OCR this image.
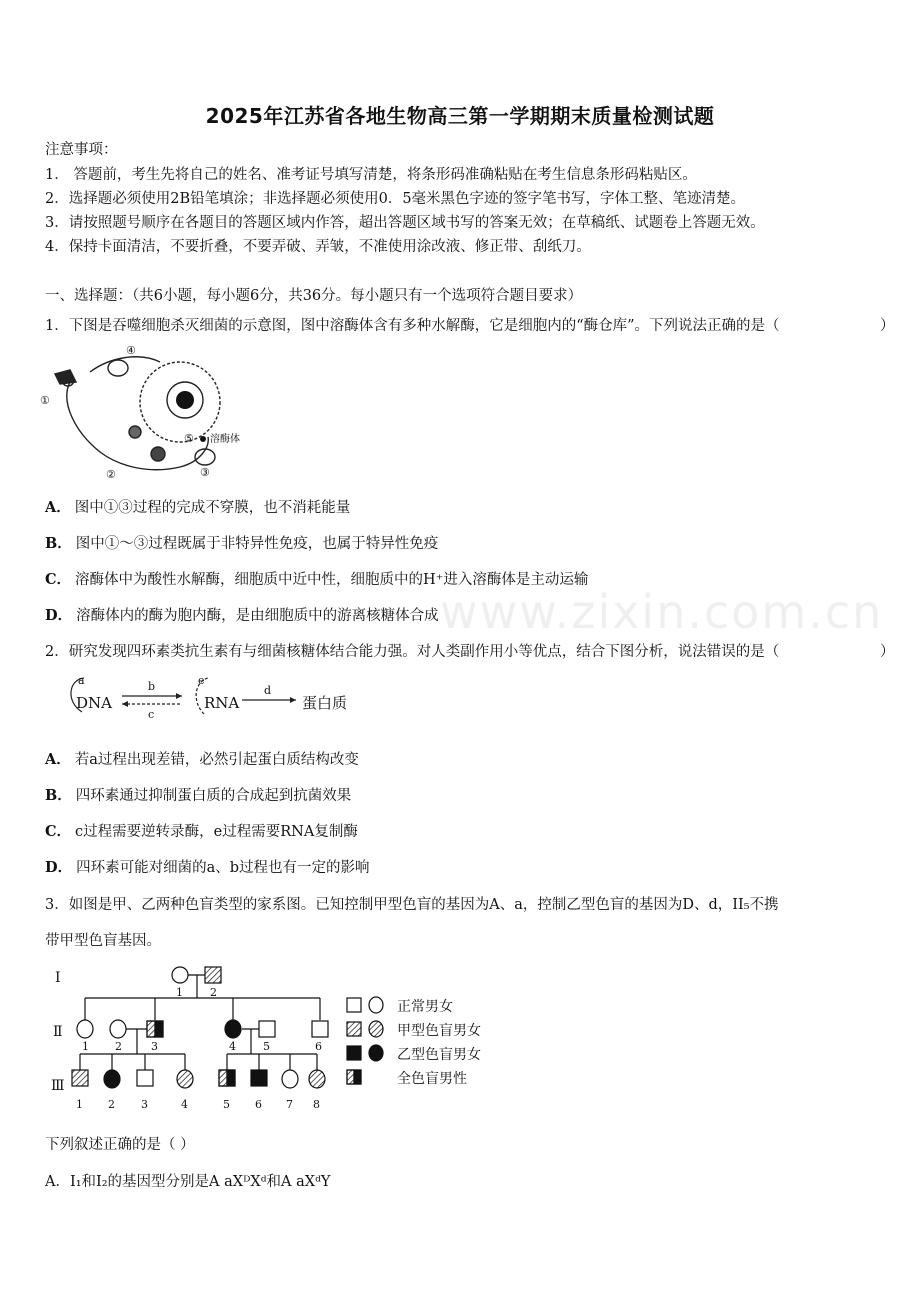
www.zixin.com.cn
2025年江苏省各地生物高三第一学期期末质量检测试题
注意事项：
1． 答题前，考生先将自己的姓名、准考证号填写清楚，将条形码准确粘贴在考生信息条形码粘贴区。
2．选择题必须使用2B铅笔填涂；非选择题必须使用0．5毫米黑色字迹的签字笔书写，字体工整、笔迹清楚。
3．请按照题号顺序在各题目的答题区域内作答，超出答题区域书写的答案无效；在草稿纸、试题卷上答题无效。
4．保持卡面清洁，不要折叠，不要弄破、弄皱，不准使用涂改液、修正带、刮纸刀。
一、选择题：（共6小题，每小题6分，共36分。每小题只有一个选项符合题目要求）
1．下图是吞噬细胞杀灭细菌的示意图，图中溶酶体含有多种水解酶，它是细胞内的“酶仓库”。下列说法正确的是（	）
①
②	③
④
⑤ 溶酶体
A． 图中①③过程的完成不穿膜，也不消耗能量
B． 图中①～③过程既属于非特异性免疫，也属于特异性免疫
C． 溶酶体中为酸性水解酶，细胞质中近中性，细胞质中的H⁺进入溶酶体是主动运输
D． 溶酶体内的酶为胞内酶，是由细胞质中的游离核糖体合成
2．研究发现四环素类抗生素有与细菌核糖体结合能力强。对人类副作用小等优点，结合下图分析，说法错误的是（	）
DNA	RNA	蛋白质
a	b
c
d
e
A． 若a过程出现差错，必然引起蛋白质结构改变
B． 四环素通过抑制蛋白质的合成起到抗菌效果
C． c过程需要逆转录酶，e过程需要RNA复制酶
D． 四环素可能对细菌的a、b过程也有一定的影响
3．如图是甲、乙两种色盲类型的家系图。已知控制甲型色盲的基因为A、a，控制乙型色盲的基因为D、d，II₅不携
带甲型色盲基因。
Ⅰ
Ⅱ
Ⅲ
1 2
1 2	3	4 5	6
1 2 3	4	5 6 7 8
正常男女
甲型色盲男女
乙型色盲男女
全色盲男性
下列叙述正确的是（ ）
A．I₁和I₂的基因型分别是A aXᴰXᵈ和A aXᵈY
